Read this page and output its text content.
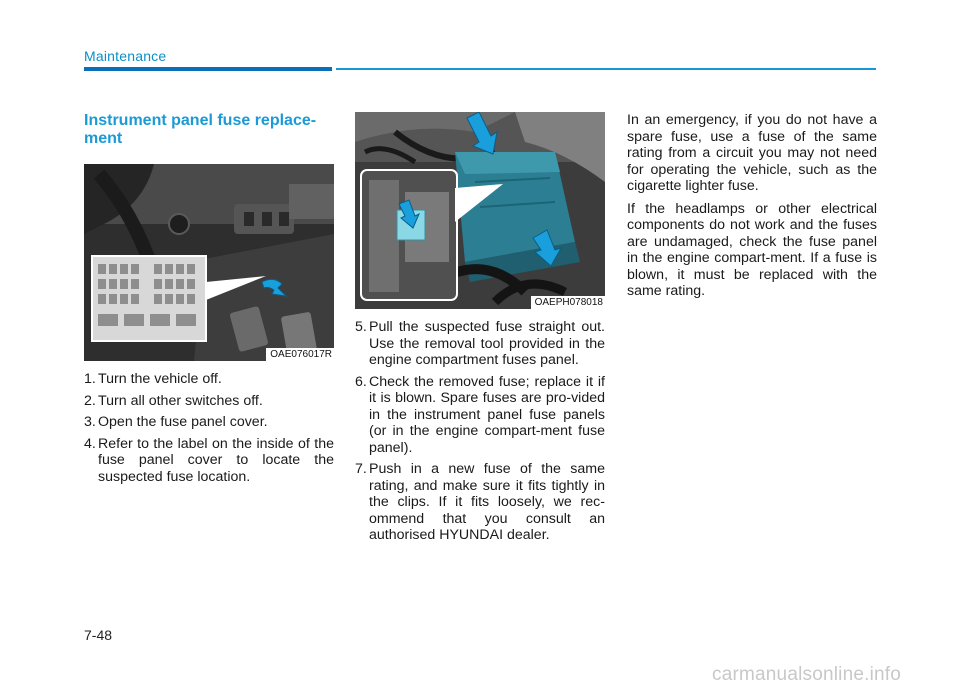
Maintenance
Instrument panel fuse replace-ment
OAE076017R
1. Turn the vehicle off.
2. Turn all other switches off.
3. Open the fuse panel cover.
4. Refer to the label on the inside of the fuse panel cover to locate the suspected fuse location.
OAEPH078018
5. Pull the suspected fuse straight out. Use the removal tool provided in the engine compartment fuses panel.
6. Check the removed fuse; replace it if it is blown. Spare fuses are pro-vided in the instrument panel fuse panels (or in the engine compart-ment fuse panel).
7. Push in a new fuse of the same rating, and make sure it fits tightly in the clips. If it fits loosely, we rec-ommend that you consult an authorised HYUNDAI dealer.

In an emergency, if you do not have a spare fuse, use a fuse of the same rating from a circuit you may not need for operating the vehicle, such as the cigarette lighter fuse.

If the headlamps or other electrical components do not work and the fuses are undamaged, check the fuse panel in the engine compart-ment. If a fuse is blown, it must be replaced with the same rating.

7-48
carmanualsonline.info
